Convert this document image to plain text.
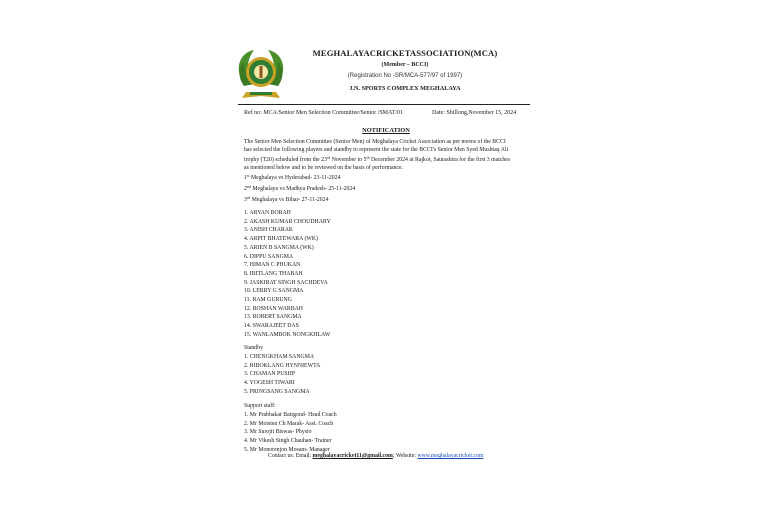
MEGHALAYACRICKETASSOCIATION(MCA)
(Member – BCCI)
(Registration No -SR/MCA-577/97 of 1997)
J.N. SPORTS COMPLEX MEGHALAYA
Ref no: MCA/Senior Men Selection Committee/Senior /SMAT/01	Date: Shillong,November 15, 2024
NOTIFICATION

The Senior Men Selection Committee (Senior Men) of Meghalaya Cricket Association as per norms of the BCCI

has selected the following players and standby to represent the state for the BCCI's Senior Men Syed Mushtaq Ali

trophy (T20) scheduled from the 23rd November to 5th December 2024 at Rajkot, Saurashtra for the first 3 matches

as mentioned below and to be reviewed on the basis of performance.

1st Meghalaya vs Hyderabad- 23-11-2024

2nd Meghalaya vs Madhya Pradesh- 25-11-2024

3rd Meghalaya vs Bihar- 27-11-2024

1. ARYAN BORAH
2. AKASH KUMAR CHOUDHARY
3. ANISH CHARAK
4. ARPIT BHATEWARA (WK)
5. ARIEN B SANGMA (WK)
6. DIPPU SANGMA
7. HIMAN C PHUKAN
8. IBITLANG THABAH
9. JASKIRAT SINGH SACHDEVA
10. LERRY G SANGMA
11. RAM GURUNG
12. ROSHAN WARBAH
13. ROBERT SANGMA
14. SWARAJEET DAS
15. WANLAMBOK NONGKHLAW
Standby
1. CHENGKHAM SANGMA
2. RIBOKLANG HYNNIEWTA
3. CHAMAN PUSHP
4. YOGESH TIWARI
5. PRINGSANG SANGMA
Support staff:
1. Mr Prabhakar Bairgond- Head Coach
2. Mr Moisten Ch Marak- Asst. Coach
3. Mr Surojit Biswas- Physio
4. Mr Vikesh Singh Chauhan- Trainer
5. Mr Monorenjon Mosam- Manager
Contact us: Email: meghalayacricket11@gmail.com; Website: www.meghalayacricket.com
